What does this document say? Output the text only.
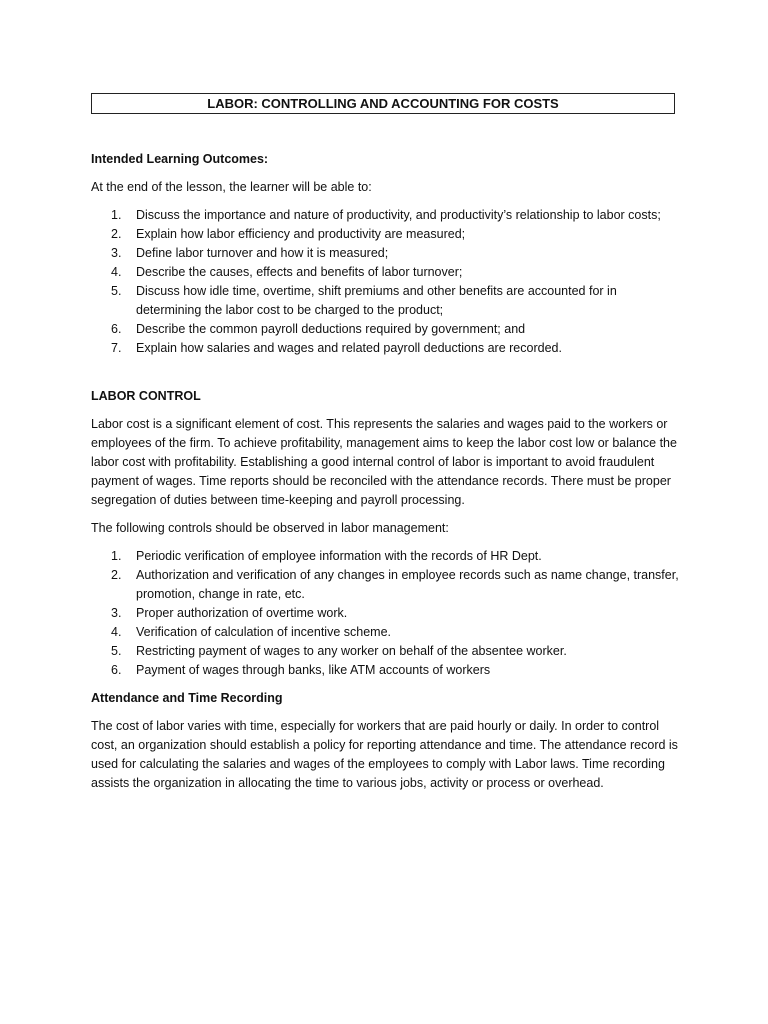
LABOR: CONTROLLING AND ACCOUNTING FOR COSTS

Intended Learning Outcomes:

At the end of the lesson, the learner will be able to:

1. Discuss the importance and nature of productivity, and productivity’s relationship to labor costs;
2. Explain how labor efficiency and productivity are measured;
3. Define labor turnover and how it is measured;
4. Describe the causes, effects and benefits of labor turnover;
5. Discuss how idle time, overtime, shift premiums and other benefits are accounted for in determining the labor cost to be charged to the product;
6. Describe the common payroll deductions required by government; and
7. Explain how salaries and wages and related payroll deductions are recorded.

LABOR CONTROL

Labor cost is a significant element of cost. This represents the salaries and wages paid to the workers or employees of the firm. To achieve profitability, management aims to keep the labor cost low or balance the labor cost with profitability. Establishing a good internal control of labor is important to avoid fraudulent payment of wages. Time reports should be reconciled with the attendance records. There must be proper segregation of duties between time-keeping and payroll processing.

The following controls should be observed in labor management:

1. Periodic verification of employee information with the records of HR Dept.
2. Authorization and verification of any changes in employee records such as name change, transfer, promotion, change in rate, etc.
3. Proper authorization of overtime work.
4. Verification of calculation of incentive scheme.
5. Restricting payment of wages to any worker on behalf of the absentee worker.
6. Payment of wages through banks, like ATM accounts of workers

Attendance and Time Recording

The cost of labor varies with time, especially for workers that are paid hourly or daily. In order to control cost, an organization should establish a policy for reporting attendance and time. The attendance record is used for calculating the salaries and wages of the employees to comply with Labor laws. Time recording assists the organization in allocating the time to various jobs, activity or process or overhead.
